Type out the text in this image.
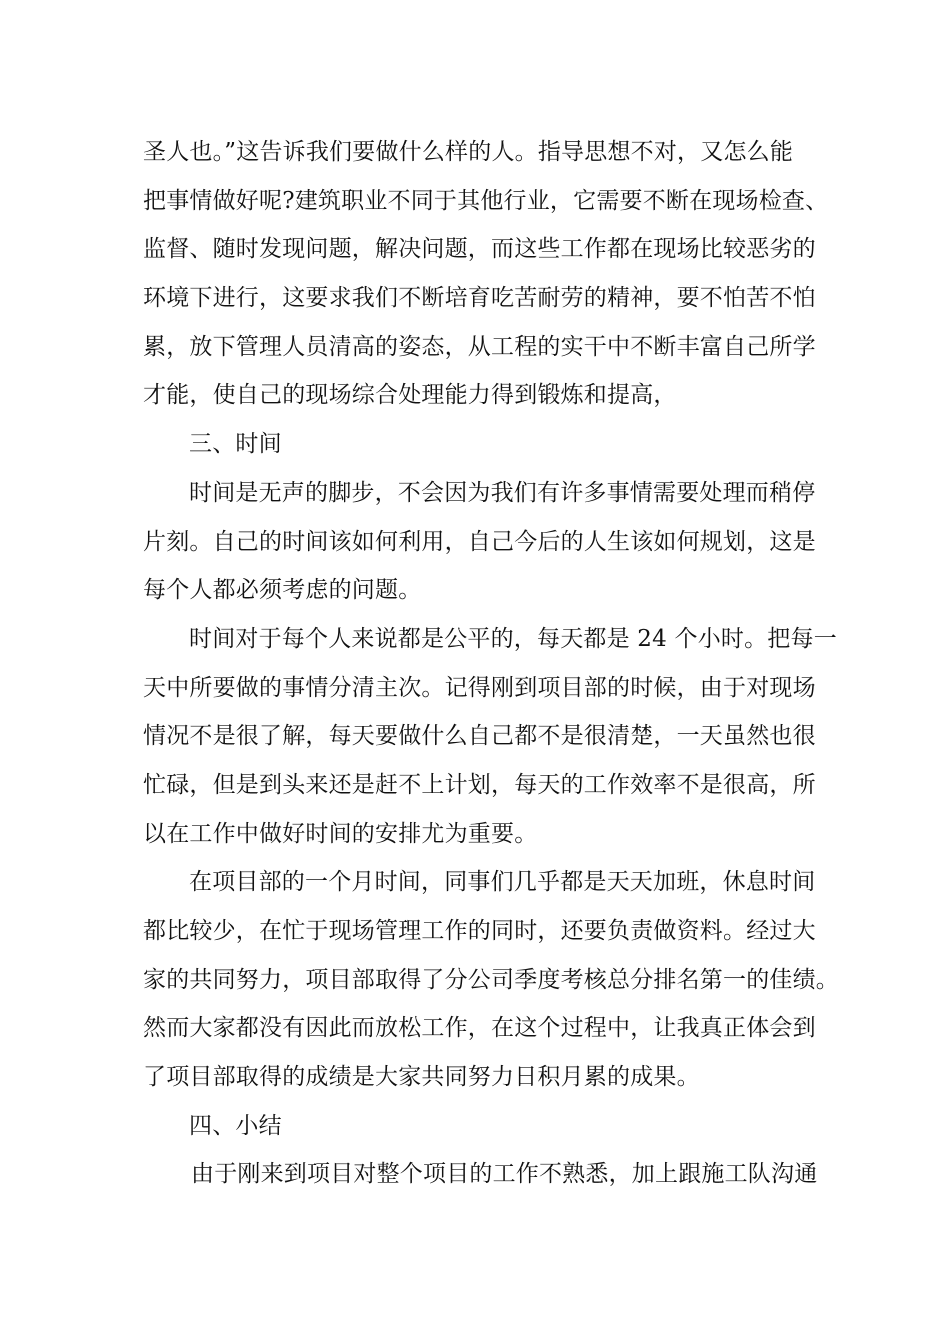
圣人也。”这告诉我们要做什么样的人。指导思想不对，又怎么能
把事情做好呢?建筑职业不同于其他行业，它需要不断在现场检查、
监督、随时发现问题，解决问题，而这些工作都在现场比较恶劣的
环境下进行，这要求我们不断培育吃苦耐劳的精神，要不怕苦不怕
累，放下管理人员清高的姿态，从工程的实干中不断丰富自己所学
才能，使自己的现场综合处理能力得到锻炼和提高，
三、时间
时间是无声的脚步，不会因为我们有许多事情需要处理而稍停
片刻。自己的时间该如何利用，自己今后的人生该如何规划，这是
每个人都必须考虑的问题。
时间对于每个人来说都是公平的，每天都是 24 个小时。把每一
天中所要做的事情分清主次。记得刚到项目部的时候，由于对现场
情况不是很了解，每天要做什么自己都不是很清楚，一天虽然也很
忙碌，但是到头来还是赶不上计划，每天的工作效率不是很高，所
以在工作中做好时间的安排尤为重要。
在项目部的一个月时间，同事们几乎都是天天加班，休息时间
都比较少，在忙于现场管理工作的同时，还要负责做资料。经过大
家的共同努力，项目部取得了分公司季度考核总分排名第一的佳绩。
然而大家都没有因此而放松工作，在这个过程中，让我真正体会到
了项目部取得的成绩是大家共同努力日积月累的成果。
四、小结
由于刚来到项目对整个项目的工作不熟悉，加上跟施工队沟通
